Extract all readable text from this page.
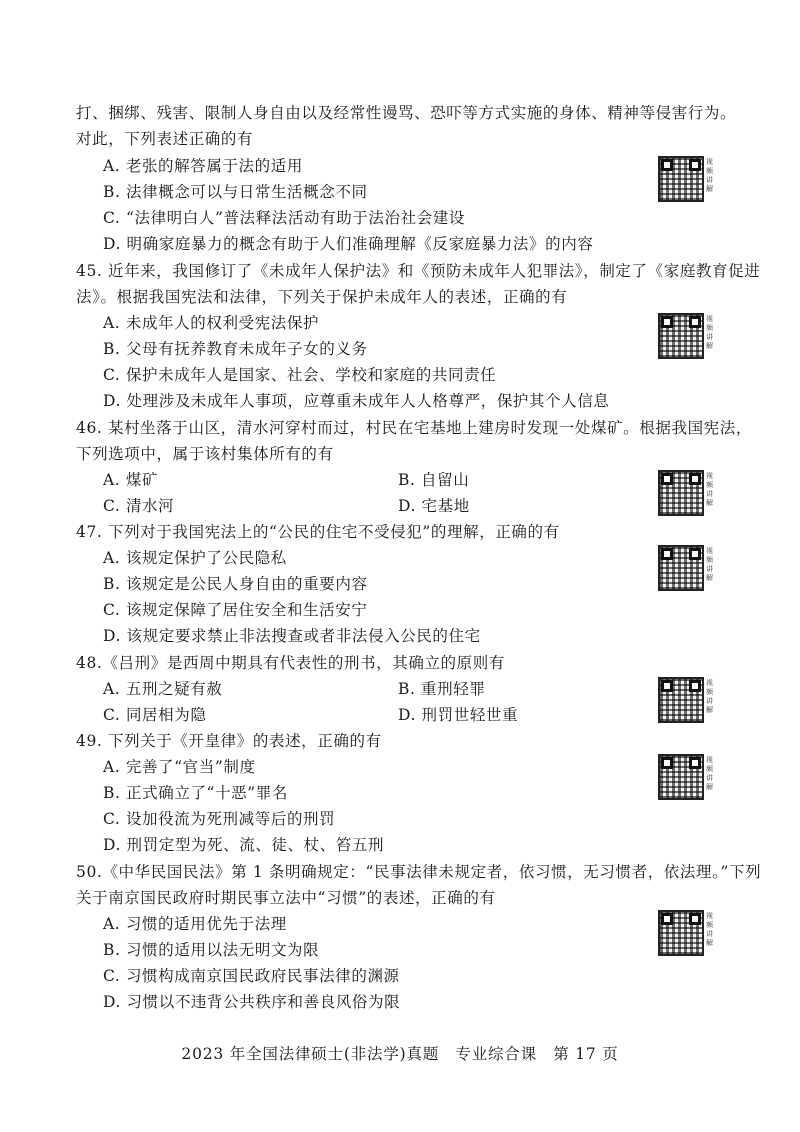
打、捆绑、残害、限制人身自由以及经常性谩骂、恐吓等方式实施的身体、精神等侵害行为。
对此，下列表述正确的有
A. 老张的解答属于法的适用
B. 法律概念可以与日常生活概念不同
C. “法律明白人”普法释法活动有助于法治社会建设
D. 明确家庭暴力的概念有助于人们准确理解《反家庭暴力法》的内容
视频讲解
45. 近年来，我国修订了《未成年人保护法》和《预防未成年人犯罪法》，制定了《家庭教育促进
法》。根据我国宪法和法律，下列关于保护未成年人的表述，正确的有
A. 未成年人的权利受宪法保护
B. 父母有抚养教育未成年子女的义务
C. 保护未成年人是国家、社会、学校和家庭的共同责任
D. 处理涉及未成年人事项，应尊重未成年人人格尊严，保护其个人信息
视频讲解
46. 某村坐落于山区，清水河穿村而过，村民在宅基地上建房时发现一处煤矿。根据我国宪法，
下列选项中，属于该村集体所有的有
A. 煤矿	B. 自留山
C. 清水河	D. 宅基地
视频讲解
47. 下列对于我国宪法上的“公民的住宅不受侵犯”的理解，正确的有
A. 该规定保护了公民隐私
B. 该规定是公民人身自由的重要内容
C. 该规定保障了居住安全和生活安宁
D. 该规定要求禁止非法搜查或者非法侵入公民的住宅
视频讲解
48.《吕刑》是西周中期具有代表性的刑书，其确立的原则有
A. 五刑之疑有赦	B. 重刑轻罪
C. 同居相为隐	D. 刑罚世轻世重
视频讲解
49. 下列关于《开皇律》的表述，正确的有
A. 完善了“官当”制度
B. 正式确立了“十恶”罪名
C. 设加役流为死刑减等后的刑罚
D. 刑罚定型为死、流、徒、杖、笞五刑
视频讲解
50.《中华民国民法》第 1 条明确规定：“民事法律未规定者，依习惯，无习惯者，依法理。”下列
关于南京国民政府时期民事立法中“习惯”的表述，正确的有
A. 习惯的适用优先于法理
B. 习惯的适用以法无明文为限
C. 习惯构成南京国民政府民事法律的渊源
D. 习惯以不违背公共秩序和善良风俗为限
视频讲解
2023 年全国法律硕士(非法学)真题　专业综合课　第 17 页
